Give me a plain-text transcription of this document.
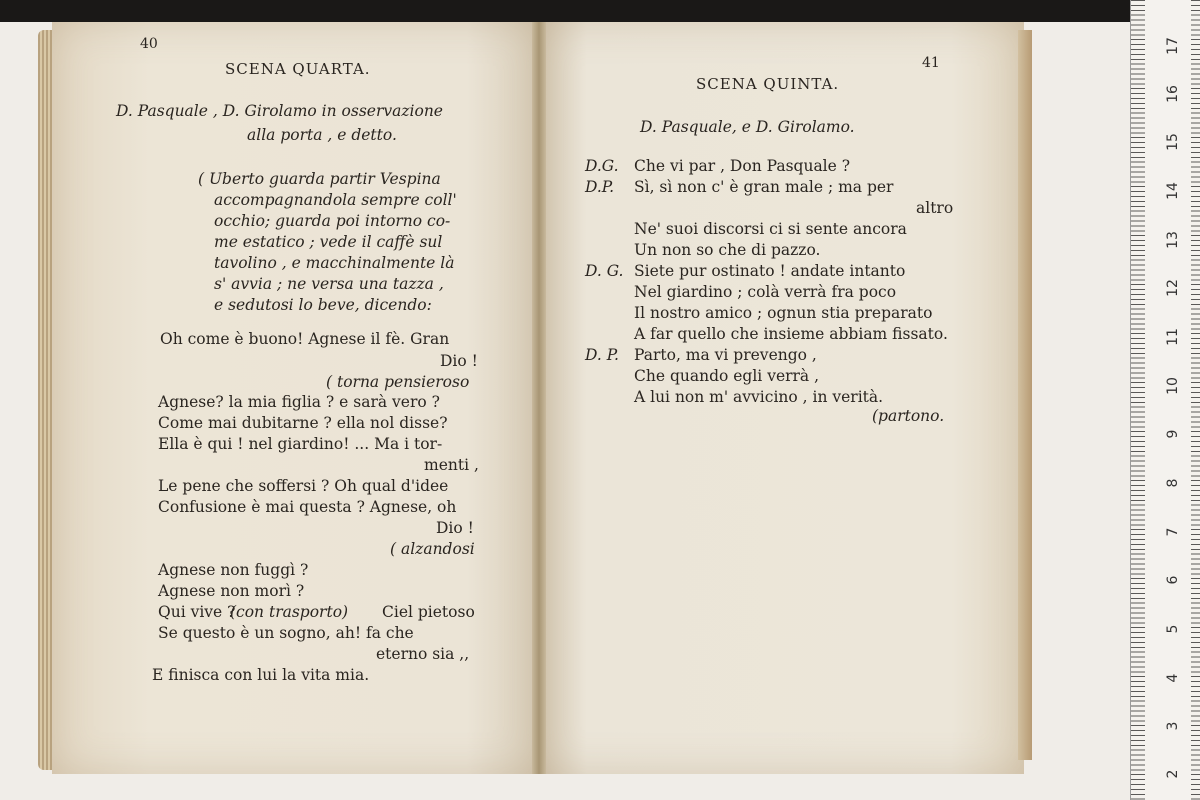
40
SCENA QUARTA.
D. Pasquale , D. Girolamo in osservazione
alla porta , e detto.
( Uberto guarda partir Vespina
accompagnandola sempre coll'
occhio; guarda poi intorno co-
me estatico ; vede il caffè sul
tavolino , e macchinalmente là
s' avvia ; ne versa una tazza ,
e sedutosi lo beve, dicendo:
Oh come è buono! Agnese il fè. Gran
Dio !
( torna pensieroso
Agnese? la mia figlia ? e sarà vero ?
Come mai dubitarne ? ella nol disse?
Ella è qui ! nel giardino! ... Ma i tor-
menti ,
Le pene che soffersi ? Oh qual d'idee
Confusione è mai questa ? Agnese, oh
Dio !
( alzandosi
Agnese non fuggì ?
Agnese non morì ?
Qui vive ?
(con trasporto) Ciel pietoso
Se questo è un sogno, ah! fa che
eterno sia ,,
E finisca con lui la vita mia.
41
SCENA QUINTA.
D. Pasquale, e D. Girolamo.
D.G. Che vi par , Don Pasquale ?
D.P. Sì, sì non c' è gran male ; ma per
altro
Ne' suoi discorsi ci si sente ancora
Un non so che di pazzo.
D. G. Siete pur ostinato ! andate intanto
Nel giardino ; colà verrà fra poco
Il nostro amico ; ognun stia preparato
A far quello che insieme abbiam fissato.
D. P. Parto, ma vi prevengo ,
Che quando egli verrà ,
A lui non m' avvicino , in verità.
(partono.
17
16
15
14
13
12
11
10
9
8
7
6
5
4
3
2
